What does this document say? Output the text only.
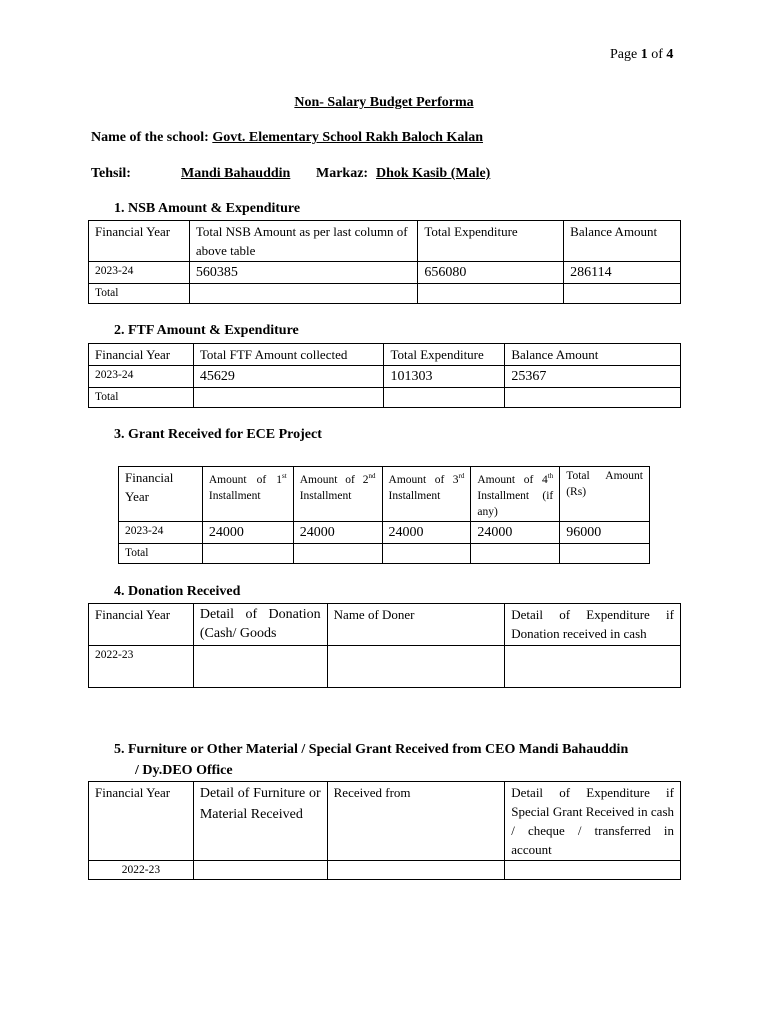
Page 1 of 4
Non- Salary Budget Performa
Name of the school: Govt. Elementary School Rakh Baloch Kalan
Tehsil:	Mandi Bahauddin Markaz: Dhok Kasib (Male)
1. NSB Amount & Expenditure
Financial Year	Total NSB Amount as per last column of above table	Total Expenditure	Balance Amount
2023-24	560385	656080	286114
Total			
2. FTF Amount & Expenditure
Financial Year	Total FTF Amount collected	Total Expenditure	Balance Amount
2023-24	45629	101303	25367
Total			
3. Grant Received for ECE Project
Financial Year	Amount of 1st Installment	Amount of 2nd Installment	Amount of 3rd Installment	Amount of 4th Installment (if any)	Total Amount (Rs)
2023-24	24000	24000	24000	24000	96000
Total					
4. Donation Received
Financial Year	Detail of Donation (Cash/ Goods	Name of Doner	Detail of Expenditure if Donation received in cash
2022-23			
5. Furniture or Other Material / Special Grant Received from CEO Mandi Bahauddin
/ Dy.DEO Office
Financial Year	Detail of Furniture or Material Received	Received from	Detail of Expenditure if Special Grant Received in cash / cheque / transferred in account
2022-23			
